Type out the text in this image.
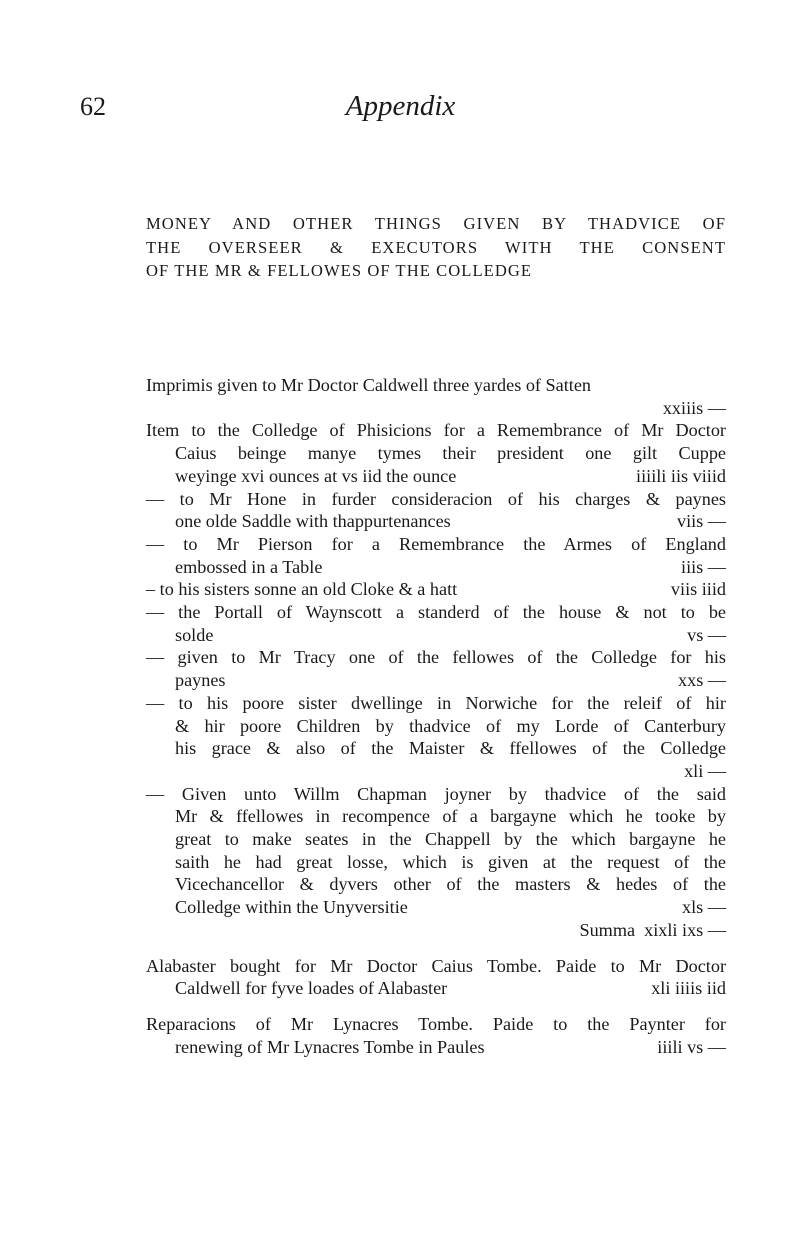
62	Appendix
MONEY AND OTHER THINGS GIVEN BY THADVICE OF
THE OVERSEER & EXECUTORS WITH THE CONSENT
OF THE MR & FELLOWES OF THE COLLEDGE
Imprimis given to Mr Doctor Caldwell three yardes of Satten
xxiiis —
Item to the Colledge of Phisicions for a Remembrance of Mr Doctor
Caius beinge manye tymes their president one gilt Cuppe
weyinge xvi ounces at vs iid the ounce	iiiili iis viiid
— to Mr Hone in furder consideracion of his charges & paynes
one olde Saddle with thappurtenances	viis —
— to Mr Pierson for a Remembrance the Armes of England
embossed in a Table	iiis —
– to his sisters sonne an old Cloke & a hatt	viis iiid
— the Portall of Waynscott a standerd of the house & not to be
solde	vs —
— given to Mr Tracy one of the fellowes of the Colledge for his
paynes	xxs —
— to his poore sister dwellinge in Norwiche for the releif of hir
& hir poore Children by thadvice of my Lorde of Canterbury
his grace & also of the Maister & ffellowes of the Colledge
xli —
— Given unto Willm Chapman joyner by thadvice of the said
Mr & ffellowes in recompence of a bargayne which he tooke by
great to make seates in the Chappell by the which bargayne he
saith he had great losse, which is given at the request of the
Vicechancellor & dyvers other of the masters & hedes of the
Colledge within the Unyversitie	xls —
Summa xixli ixs —
Alabaster bought for Mr Doctor Caius Tombe. Paide to Mr Doctor
Caldwell for fyve loades of Alabaster	xli iiiis iid
Reparacions of Mr Lynacres Tombe. Paide to the Paynter for
renewing of Mr Lynacres Tombe in Paules	iiili vs —
